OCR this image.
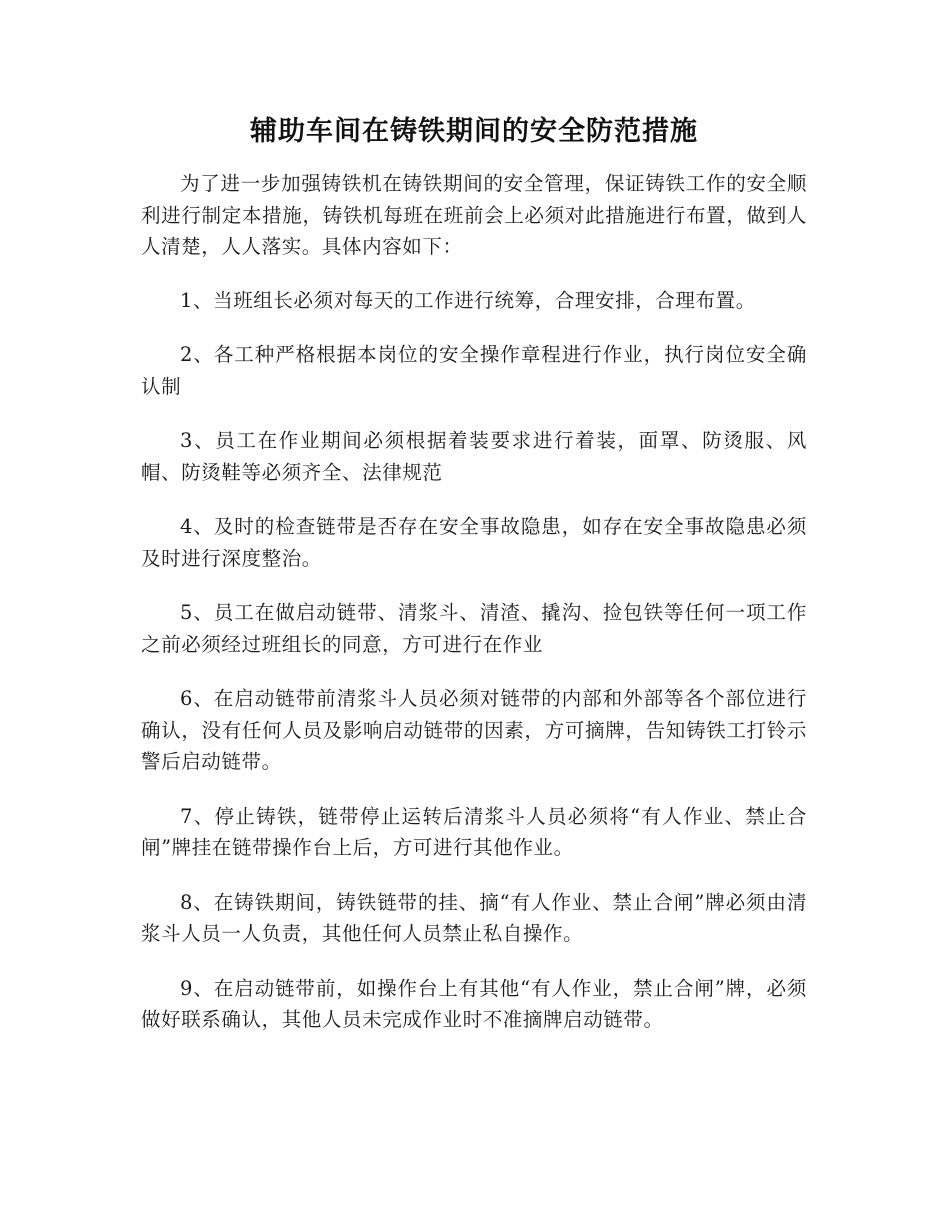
辅助车间在铸铁期间的安全防范措施

为了进一步加强铸铁机在铸铁期间的安全管理，保证铸铁工作的安全顺利进行制定本措施，铸铁机每班在班前会上必须对此措施进行布置，做到人人清楚，人人落实。具体内容如下：

1、当班组长必须对每天的工作进行统筹，合理安排，合理布置。

2、各工种严格根据本岗位的安全操作章程进行作业，执行岗位安全确认制

3、员工在作业期间必须根据着装要求进行着装，面罩、防烫服、风帽、防烫鞋等必须齐全、法律规范

4、及时的检查链带是否存在安全事故隐患，如存在安全事故隐患必须及时进行深度整治。

5、员工在做启动链带、清浆斗、清渣、撬沟、捡包铁等任何一项工作之前必须经过班组长的同意，方可进行在作业

6、在启动链带前清浆斗人员必须对链带的内部和外部等各个部位进行确认，没有任何人员及影响启动链带的因素，方可摘牌，告知铸铁工打铃示警后启动链带。

7、停止铸铁，链带停止运转后清浆斗人员必须将“有人作业、禁止合闸”牌挂在链带操作台上后，方可进行其他作业。

8、在铸铁期间，铸铁链带的挂、摘“有人作业、禁止合闸”牌必须由清浆斗人员一人负责，其他任何人员禁止私自操作。

9、在启动链带前，如操作台上有其他“有人作业，禁止合闸”牌，必须做好联系确认，其他人员未完成作业时不准摘牌启动链带。
